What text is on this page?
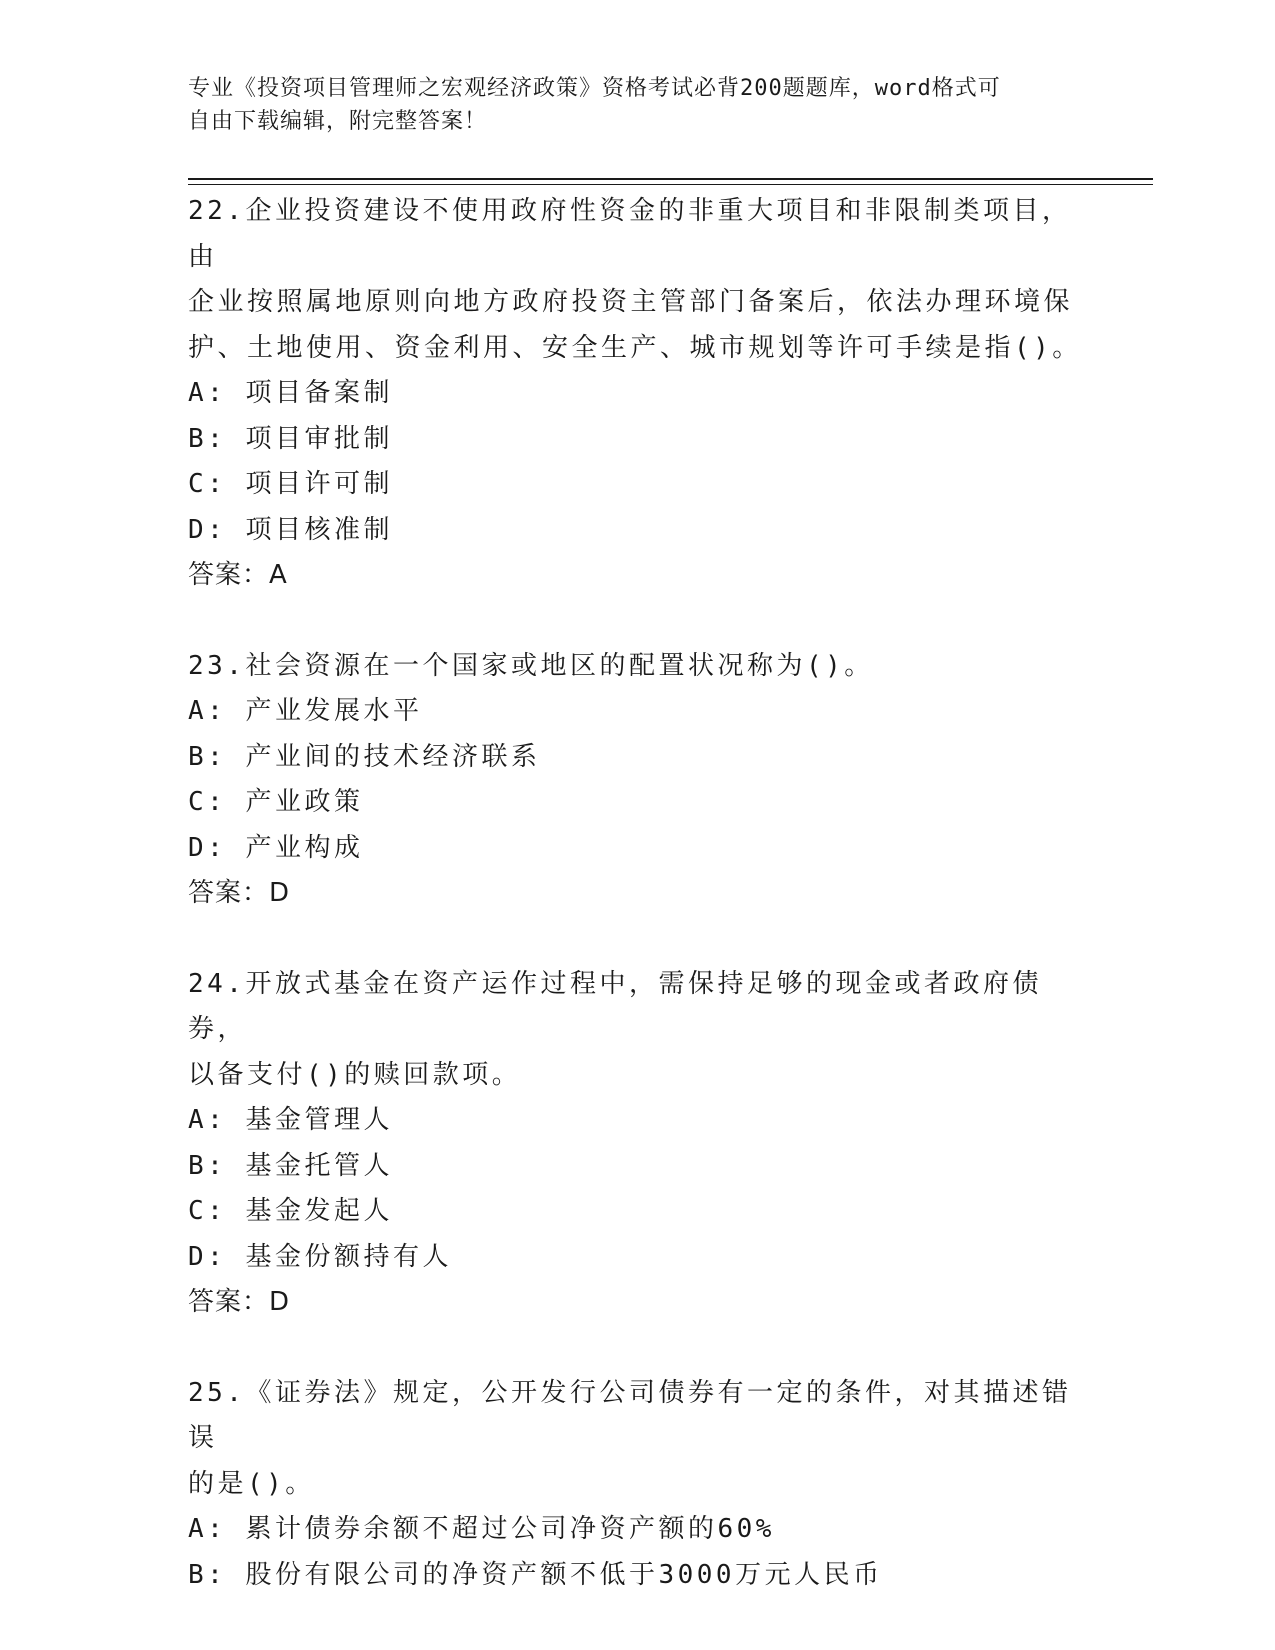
专业《投资项目管理师之宏观经济政策》资格考试必背200题题库，word格式可
自由下载编辑，附完整答案！

22.企业投资建设不使用政府性资金的非重大项目和非限制类项目，由

企业按照属地原则向地方政府投资主管部门备案后，依法办理环境保

护、土地使用、资金利用、安全生产、城市规划等许可手续是指()。

A: 项目备案制

B: 项目审批制

C: 项目许可制

D: 项目核准制

答案：A

23.社会资源在一个国家或地区的配置状况称为()。

A: 产业发展水平

B: 产业间的技术经济联系

C: 产业政策

D: 产业构成

答案：D

24.开放式基金在资产运作过程中，需保持足够的现金或者政府债券，

以备支付()的赎回款项。

A: 基金管理人

B: 基金托管人

C: 基金发起人

D: 基金份额持有人

答案：D

25.《证券法》规定，公开发行公司债券有一定的条件，对其描述错误

的是()。

A: 累计债券余额不超过公司净资产额的60%

B: 股份有限公司的净资产额不低于3000万元人民币
